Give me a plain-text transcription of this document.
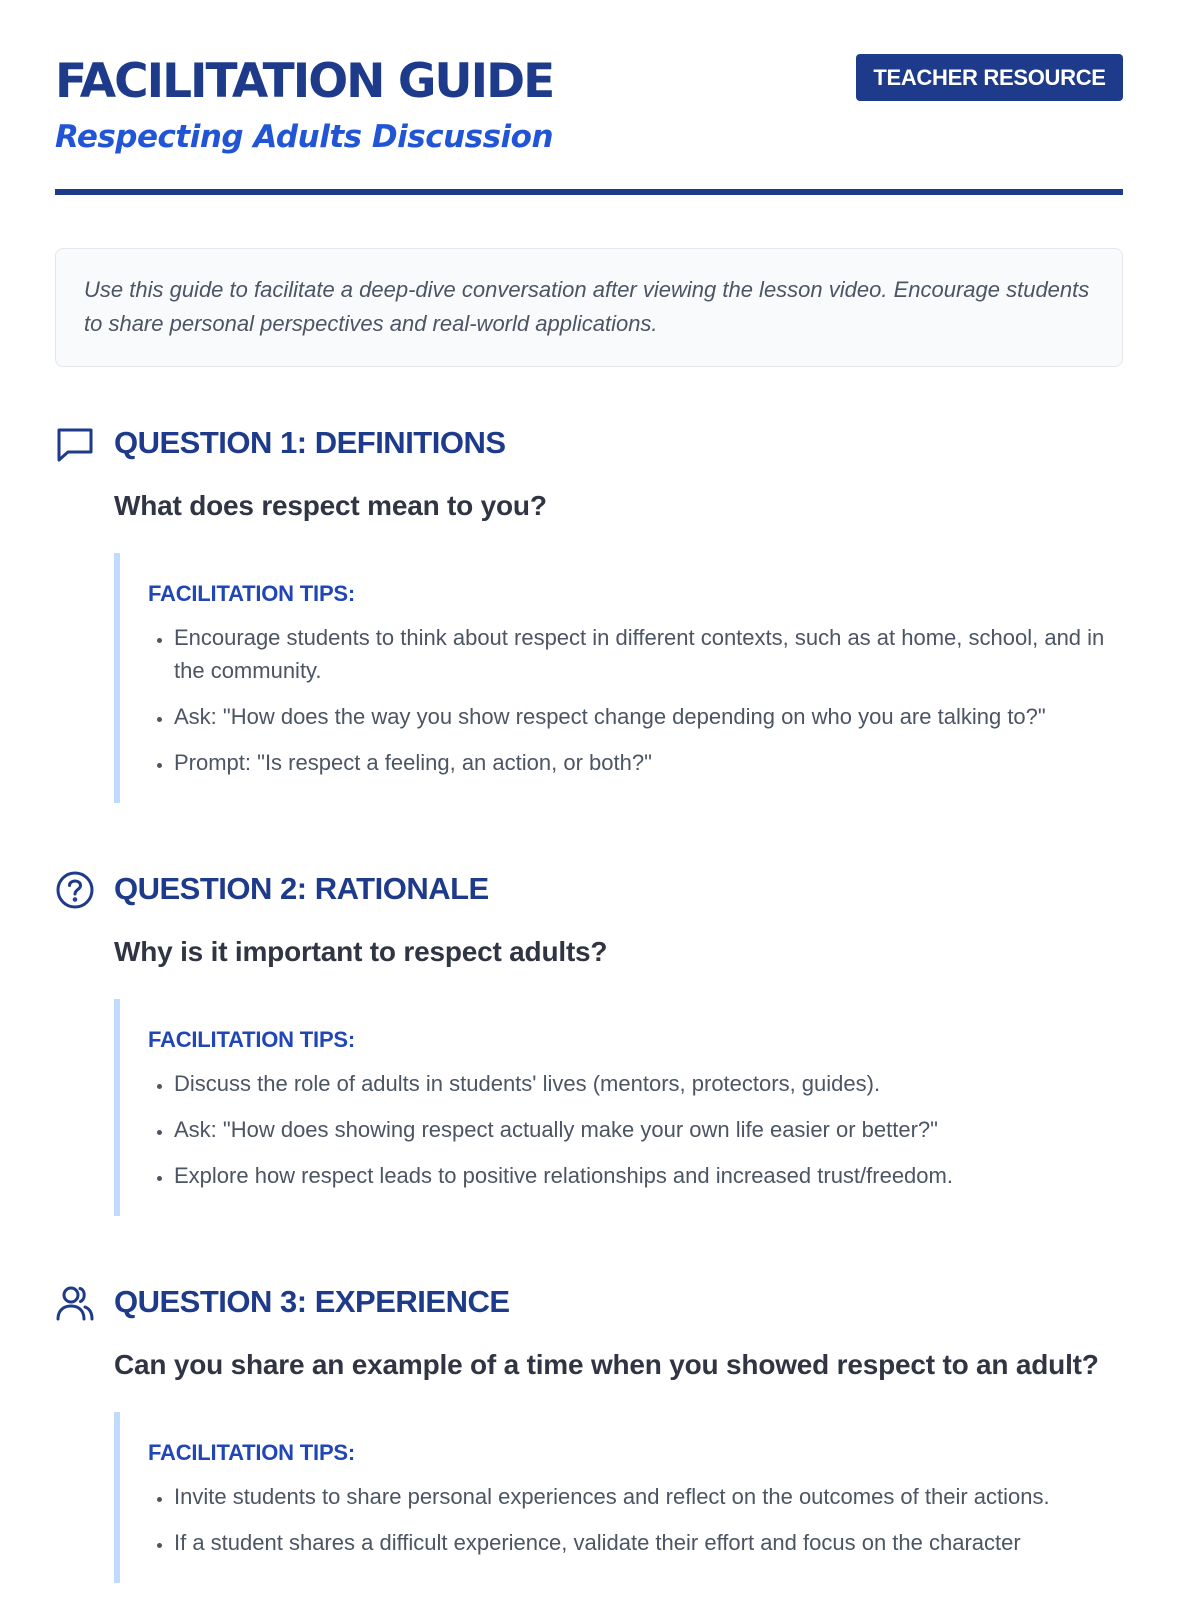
FACILITATION GUIDE
Respecting Adults Discussion
TEACHER RESOURCE
Use this guide to facilitate a deep-dive conversation after viewing the lesson video. Encourage students to share personal perspectives and real-world applications.
QUESTION 1: DEFINITIONS

What does respect mean to you?

FACILITATION TIPS:
• Encourage students to think about respect in different contexts, such as at home, school, and in the community.
• Ask: "How does the way you show respect change depending on who you are talking to?"
• Prompt: "Is respect a feeling, an action, or both?"
QUESTION 2: RATIONALE

Why is it important to respect adults?

FACILITATION TIPS:
• Discuss the role of adults in students' lives (mentors, protectors, guides).
• Ask: "How does showing respect actually make your own life easier or better?"
• Explore how respect leads to positive relationships and increased trust/freedom.
QUESTION 3: EXPERIENCE

Can you share an example of a time when you showed respect to an adult?

FACILITATION TIPS:
• Invite students to share personal experiences and reflect on the outcomes of their actions.
• If a student shares a difficult experience, validate their effort and focus on the character
